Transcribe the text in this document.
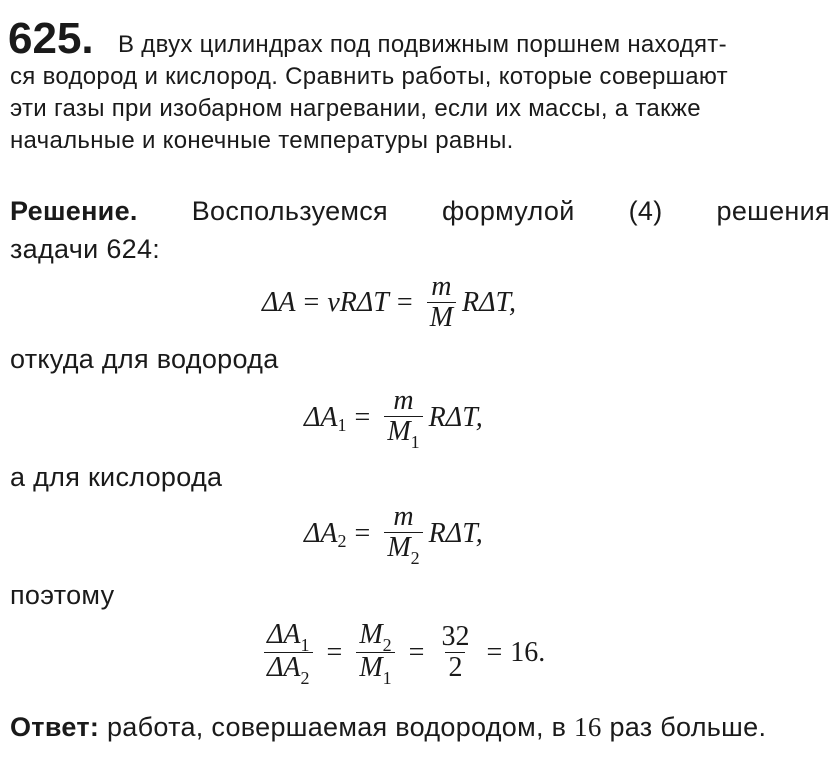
625. В двух цилиндрах под подвижным поршнем находят-
ся водород и кислород. Сравнить работы, которые совершают
эти газы при изобарном нагревании, если их массы, а также
начальные и конечные температуры равны.
Решение. Воспользуемся формулой (4) решения
задачи 624:
$\Delta A = \nu R\Delta T = \frac{m}{M} R\Delta T$,
откуда для водорода
ΔA $1 = \frac{m}{M_1} R\Delta T$,
а для кислорода
ΔA $2 = \frac{m}{M_2} R\Delta T$,
поэтому
$\frac{\Delta A_1}{\Delta A_2} = \frac{M_2}{M_1} = \frac{32}{2} = 16$.
Ответ: работа, совершаемая водородом, в 16 раз больше.
